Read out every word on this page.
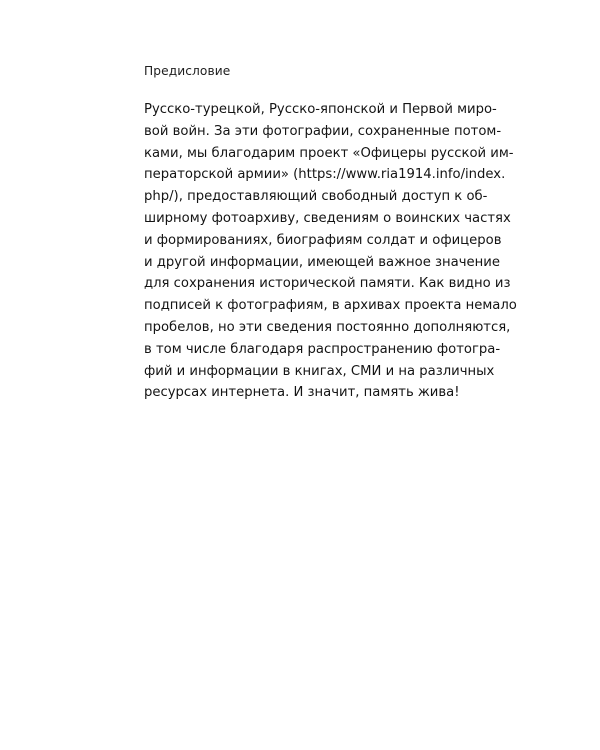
Предисловие
Русско-турецкой, Русско-японской и Первой миро-
вой войн. За эти фотографии, сохраненные потом-
ками, мы благодарим проект «Офицеры русской им-
ператорской армии» (https://www.ria1914.info/index.
php/), предоставляющий свободный доступ к об-
ширному фотоархиву, сведениям о воинских частях
и формированиях, биографиям солдат и офицеров
и другой информации, имеющей важное значение
для сохранения исторической памяти. Как видно из
подписей к фотографиям, в архивах проекта немало
пробелов, но эти сведения постоянно дополняются,
в том числе благодаря распространению фотогра-
фий и информации в книгах, СМИ и на различных
ресурсах интернета. И значит, память жива!
